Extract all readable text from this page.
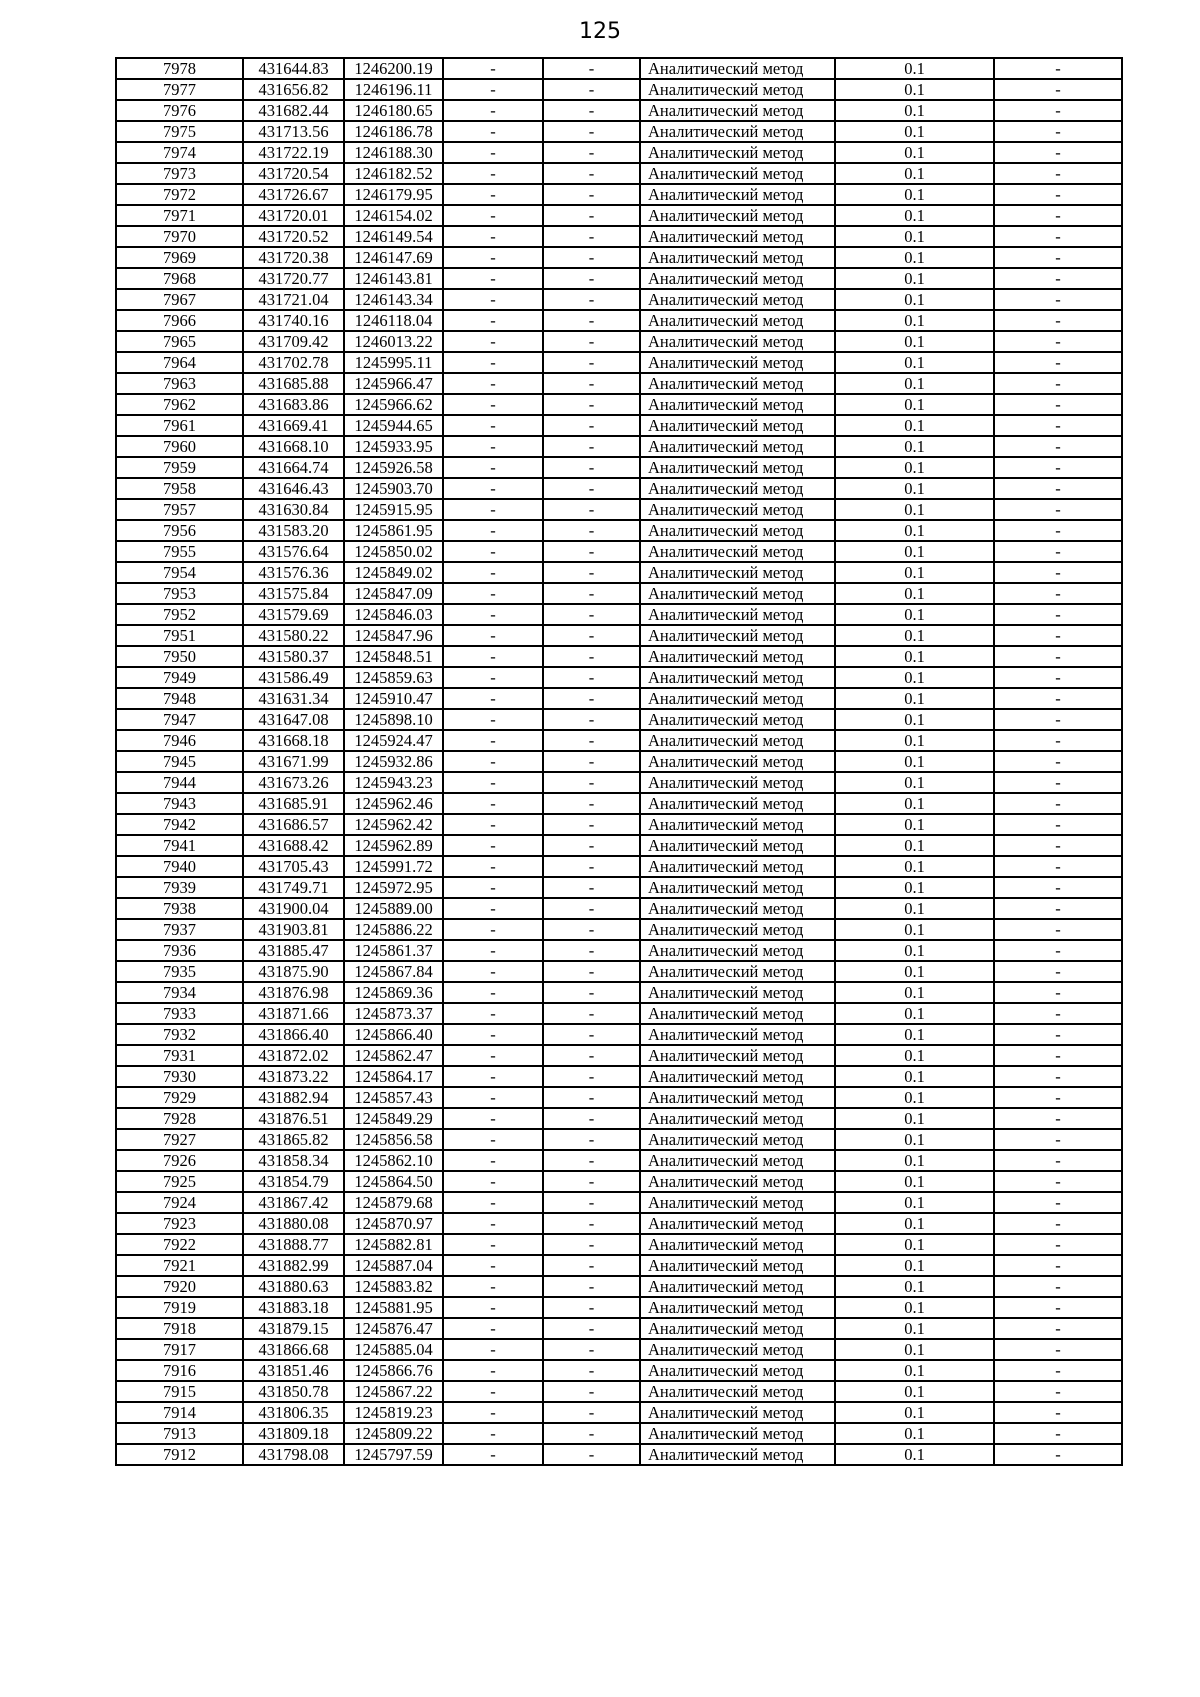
125
7978	431644.83	1246200.19	-	-	Аналитический метод	0.1	-
7977	431656.82	1246196.11	-	-	Аналитический метод	0.1	-
7976	431682.44	1246180.65	-	-	Аналитический метод	0.1	-
7975	431713.56	1246186.78	-	-	Аналитический метод	0.1	-
7974	431722.19	1246188.30	-	-	Аналитический метод	0.1	-
7973	431720.54	1246182.52	-	-	Аналитический метод	0.1	-
7972	431726.67	1246179.95	-	-	Аналитический метод	0.1	-
7971	431720.01	1246154.02	-	-	Аналитический метод	0.1	-
7970	431720.52	1246149.54	-	-	Аналитический метод	0.1	-
7969	431720.38	1246147.69	-	-	Аналитический метод	0.1	-
7968	431720.77	1246143.81	-	-	Аналитический метод	0.1	-
7967	431721.04	1246143.34	-	-	Аналитический метод	0.1	-
7966	431740.16	1246118.04	-	-	Аналитический метод	0.1	-
7965	431709.42	1246013.22	-	-	Аналитический метод	0.1	-
7964	431702.78	1245995.11	-	-	Аналитический метод	0.1	-
7963	431685.88	1245966.47	-	-	Аналитический метод	0.1	-
7962	431683.86	1245966.62	-	-	Аналитический метод	0.1	-
7961	431669.41	1245944.65	-	-	Аналитический метод	0.1	-
7960	431668.10	1245933.95	-	-	Аналитический метод	0.1	-
7959	431664.74	1245926.58	-	-	Аналитический метод	0.1	-
7958	431646.43	1245903.70	-	-	Аналитический метод	0.1	-
7957	431630.84	1245915.95	-	-	Аналитический метод	0.1	-
7956	431583.20	1245861.95	-	-	Аналитический метод	0.1	-
7955	431576.64	1245850.02	-	-	Аналитический метод	0.1	-
7954	431576.36	1245849.02	-	-	Аналитический метод	0.1	-
7953	431575.84	1245847.09	-	-	Аналитический метод	0.1	-
7952	431579.69	1245846.03	-	-	Аналитический метод	0.1	-
7951	431580.22	1245847.96	-	-	Аналитический метод	0.1	-
7950	431580.37	1245848.51	-	-	Аналитический метод	0.1	-
7949	431586.49	1245859.63	-	-	Аналитический метод	0.1	-
7948	431631.34	1245910.47	-	-	Аналитический метод	0.1	-
7947	431647.08	1245898.10	-	-	Аналитический метод	0.1	-
7946	431668.18	1245924.47	-	-	Аналитический метод	0.1	-
7945	431671.99	1245932.86	-	-	Аналитический метод	0.1	-
7944	431673.26	1245943.23	-	-	Аналитический метод	0.1	-
7943	431685.91	1245962.46	-	-	Аналитический метод	0.1	-
7942	431686.57	1245962.42	-	-	Аналитический метод	0.1	-
7941	431688.42	1245962.89	-	-	Аналитический метод	0.1	-
7940	431705.43	1245991.72	-	-	Аналитический метод	0.1	-
7939	431749.71	1245972.95	-	-	Аналитический метод	0.1	-
7938	431900.04	1245889.00	-	-	Аналитический метод	0.1	-
7937	431903.81	1245886.22	-	-	Аналитический метод	0.1	-
7936	431885.47	1245861.37	-	-	Аналитический метод	0.1	-
7935	431875.90	1245867.84	-	-	Аналитический метод	0.1	-
7934	431876.98	1245869.36	-	-	Аналитический метод	0.1	-
7933	431871.66	1245873.37	-	-	Аналитический метод	0.1	-
7932	431866.40	1245866.40	-	-	Аналитический метод	0.1	-
7931	431872.02	1245862.47	-	-	Аналитический метод	0.1	-
7930	431873.22	1245864.17	-	-	Аналитический метод	0.1	-
7929	431882.94	1245857.43	-	-	Аналитический метод	0.1	-
7928	431876.51	1245849.29	-	-	Аналитический метод	0.1	-
7927	431865.82	1245856.58	-	-	Аналитический метод	0.1	-
7926	431858.34	1245862.10	-	-	Аналитический метод	0.1	-
7925	431854.79	1245864.50	-	-	Аналитический метод	0.1	-
7924	431867.42	1245879.68	-	-	Аналитический метод	0.1	-
7923	431880.08	1245870.97	-	-	Аналитический метод	0.1	-
7922	431888.77	1245882.81	-	-	Аналитический метод	0.1	-
7921	431882.99	1245887.04	-	-	Аналитический метод	0.1	-
7920	431880.63	1245883.82	-	-	Аналитический метод	0.1	-
7919	431883.18	1245881.95	-	-	Аналитический метод	0.1	-
7918	431879.15	1245876.47	-	-	Аналитический метод	0.1	-
7917	431866.68	1245885.04	-	-	Аналитический метод	0.1	-
7916	431851.46	1245866.76	-	-	Аналитический метод	0.1	-
7915	431850.78	1245867.22	-	-	Аналитический метод	0.1	-
7914	431806.35	1245819.23	-	-	Аналитический метод	0.1	-
7913	431809.18	1245809.22	-	-	Аналитический метод	0.1	-
7912	431798.08	1245797.59	-	-	Аналитический метод	0.1	-
